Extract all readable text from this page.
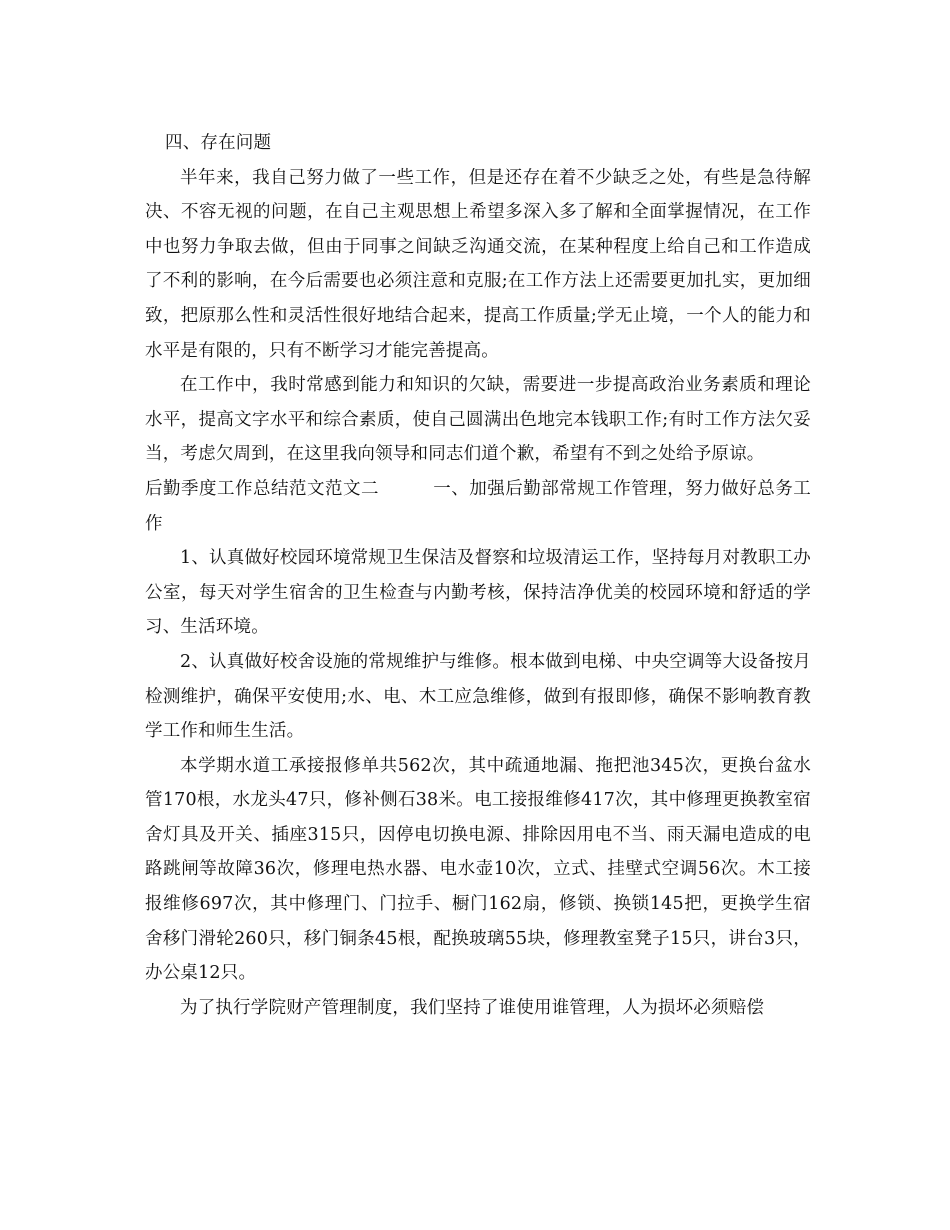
四、存在问题

半年来，我自己努力做了一些工作，但是还存在着不少缺乏之处，有些是急待解决、不容无视的问题，在自己主观思想上希望多深入多了解和全面掌握情况，在工作中也努力争取去做，但由于同事之间缺乏沟通交流，在某种程度上给自己和工作造成了不利的影响，在今后需要也必须注意和克服;在工作方法上还需要更加扎实，更加细致，把原那么性和灵活性很好地结合起来，提高工作质量;学无止境，一个人的能力和水平是有限的，只有不断学习才能完善提高。

在工作中，我时常感到能力和知识的欠缺，需要进一步提高政治业务素质和理论水平，提高文字水平和综合素质，使自己圆满出色地完本钱职工作;有时工作方法欠妥当，考虑欠周到，在这里我向领导和同志们道个歉，希望有不到之处给予原谅。

后勤季度工作总结范文范文二	一、加强后勤部常规工作管理，努力做好总务工作

1、认真做好校园环境常规卫生保洁及督察和垃圾清运工作，坚持每月对教职工办公室，每天对学生宿舍的卫生检查与内勤考核，保持洁净优美的校园环境和舒适的学习、生活环境。

2、认真做好校舍设施的常规维护与维修。根本做到电梯、中央空调等大设备按月检测维护，确保平安使用;水、电、木工应急维修，做到有报即修，确保不影响教育教学工作和师生生活。

本学期水道工承接报修单共562次，其中疏通地漏、拖把池345次，更换台盆水管170根，水龙头47只，修补侧石38米。电工接报维修417次，其中修理更换教室宿舍灯具及开关、插座315只，因停电切换电源、排除因用电不当、雨天漏电造成的电路跳闸等故障36次，修理电热水器、电水壶10次，立式、挂壁式空调56次。木工接报维修697次，其中修理门、门拉手、橱门162扇，修锁、换锁145把，更换学生宿舍移门滑轮260只，移门铜条45根，配换玻璃55块，修理教室凳子15只，讲台3只，办公桌12只。

为了执行学院财产管理制度，我们坚持了谁使用谁管理，人为损坏必须赔偿
